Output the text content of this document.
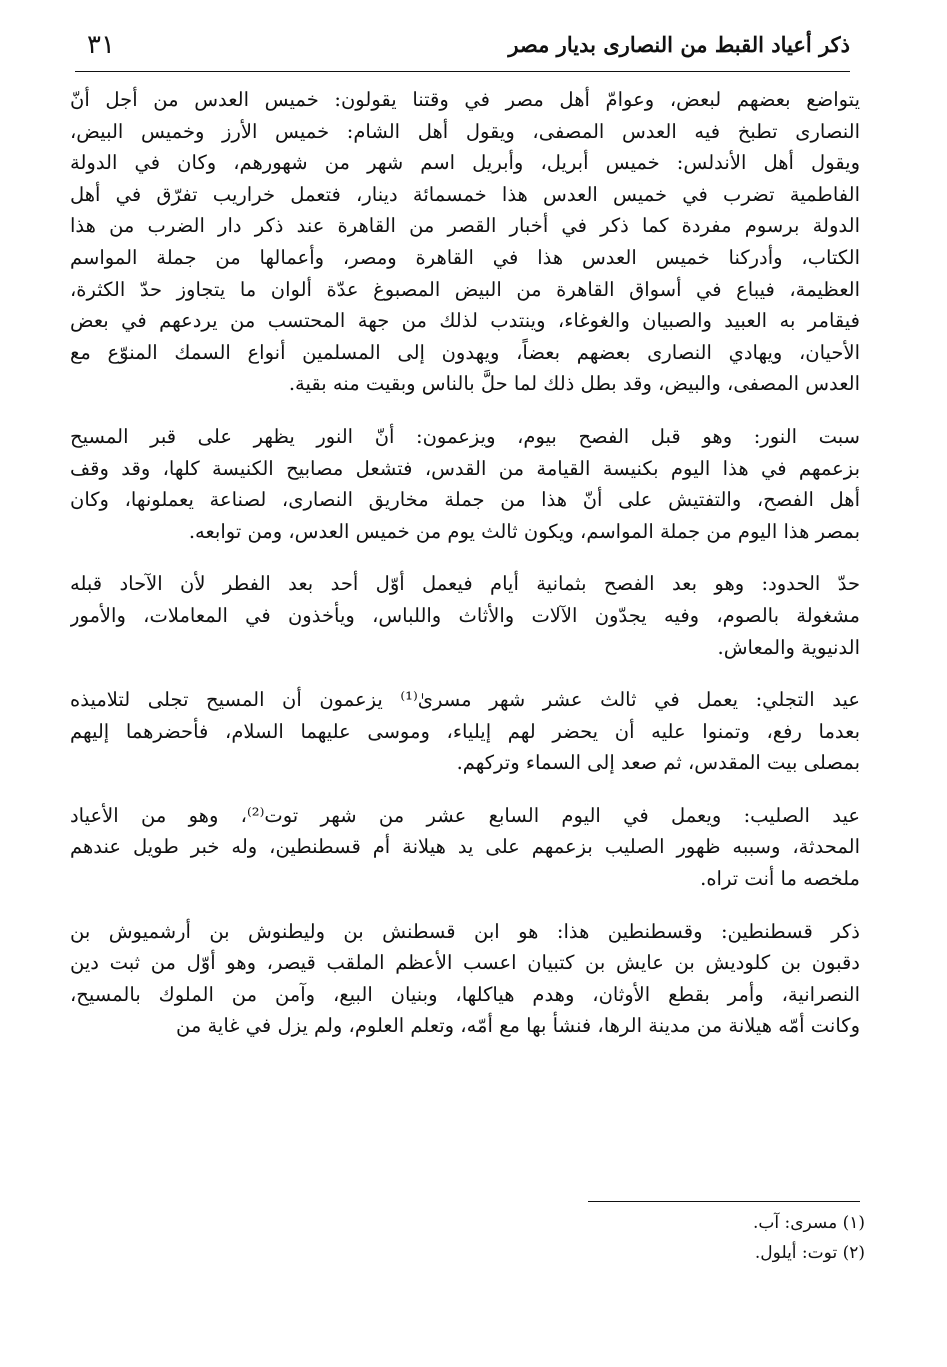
ذكر أعياد القبط من النصارى بديار مصر
٣١
يتواضع بعضهم لبعض، وعوامّ أهل مصر في وقتنا يقولون: خميس العدس من أجل أنّ
النصارى تطبخ فيه العدس المصفى، ويقول أهل الشام: خميس الأرز وخميس البيض،
ويقول أهل الأندلس: خميس أبريل، وأبريل اسم شهر من شهورهم، وكان في الدولة
الفاطمية تضرب في خميس العدس هذا خمسمائة دينار، فتعمل خراريب تفرّق في أهل
الدولة برسوم مفردة كما ذكر في أخبار القصر من القاهرة عند ذكر دار الضرب من هذا
الكتاب، وأدركنا خميس العدس هذا في القاهرة ومصر، وأعمالها من جملة المواسم
العظيمة، فيباع في أسواق القاهرة من البيض المصبوغ عدّة ألوان ما يتجاوز حدّ الكثرة،
فيقامر به العبيد والصبيان والغوغاء، وينتدب لذلك من جهة المحتسب من يردعهم في بعض
الأحيان، ويهادي النصارى بعضهم بعضاً، ويهدون إلى المسلمين أنواع السمك المنوّع مع
العدس المصفى، والبيض، وقد بطل ذلك لما حلَّ بالناس وبقيت منه بقية.
سبت النور: وهو قبل الفصح بيوم، ويزعمون: أنّ النور يظهر على قبر المسيح
بزعمهم في هذا اليوم بكنيسة القيامة من القدس، فتشعل مصابيح الكنيسة كلها، وقد وقف
أهل الفصح، والتفتيش على أنّ هذا من جملة مخاريق النصارى، لصناعة يعملونها، وكان
بمصر هذا اليوم من جملة المواسم، ويكون ثالث يوم من خميس العدس، ومن توابعه.
حدّ الحدود: وهو بعد الفصح بثمانية أيام فيعمل أوّل أحد بعد الفطر لأن الآحاد قبله
مشغولة بالصوم، وفيه يجدّون الآلات والأثاث واللباس، ويأخذون في المعاملات، والأمور
الدنيوية والمعاش.
عيد التجلي: يعمل في ثالث عشر شهر مسرىٰ⁽¹⁾ يزعمون أن المسيح تجلى لتلاميذه
بعدما رفع، وتمنوا عليه أن يحضر لهم إيلياء، وموسى عليهما السلام، فأحضرهما إليهم
بمصلى بيت المقدس، ثم صعد إلى السماء وتركهم.
عيد الصليب: ويعمل في اليوم السابع عشر من شهر توت⁽²⁾، وهو من الأعياد
المحدثة، وسببه ظهور الصليب بزعمهم على يد هيلانة أم قسطنطين، وله خبر طويل عندهم
ملخصه ما أنت تراه.
ذكر قسطنطين: وقسطنطين هذا: هو ابن قسطنش بن وليطنوش بن أرشميوش بن
دقبون بن كلوديش بن عايش بن كتبيان اعسب الأعظم الملقب قيصر، وهو أوّل من ثبت دين
النصرانية، وأمر بقطع الأوثان، وهدم هياكلها، وبنيان البيع، وآمن من الملوك بالمسيح،
وكانت أمّه هيلانة من مدينة الرها، فنشأ بها مع أمّه، وتعلم العلوم، ولم يزل في غاية من
(١) مسرى: آب.
(٢) توت: أيلول.
